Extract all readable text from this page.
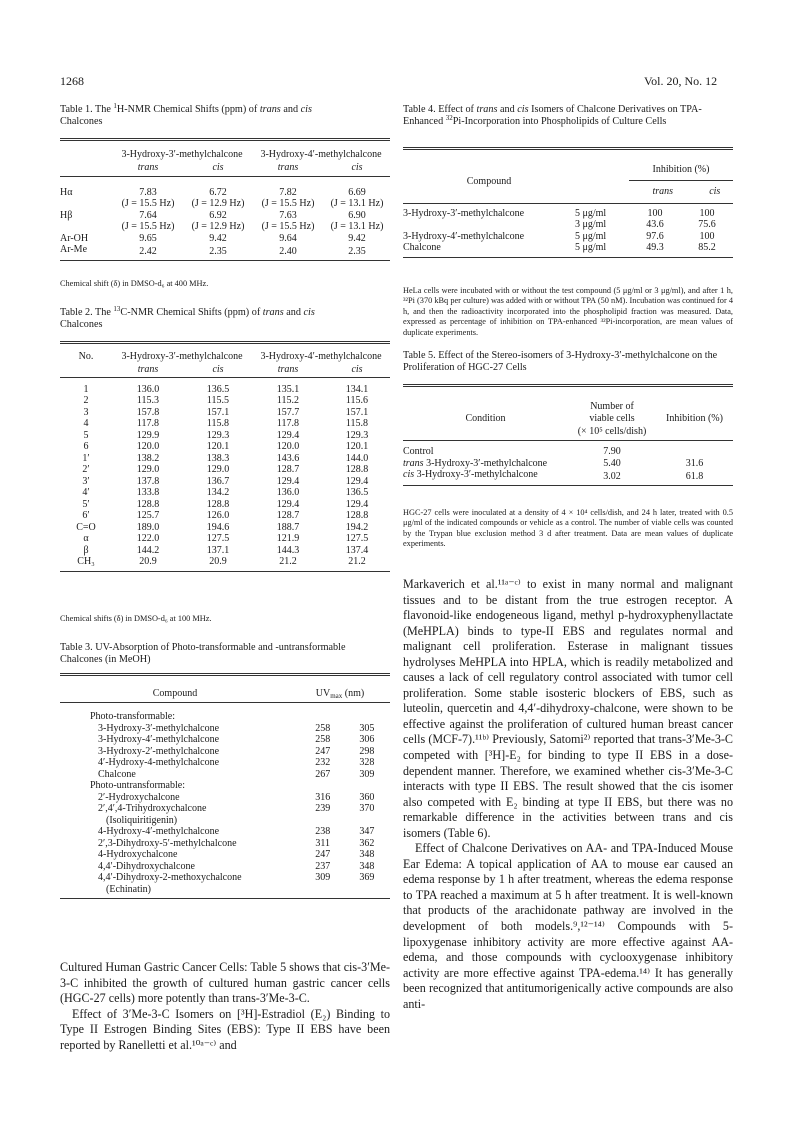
1268	Vol. 20, No. 12
Table 1. The $^1$H-NMR Chemical Shifts (ppm) of trans and cis
Chalcones

	3-Hydroxy-3′-methylchalcone		3-Hydroxy-4′-methylchalcone	
	trans	cis	trans	cis

Hα	7.83	6.72	7.82	6.69
	(J = 15.5 Hz)	(J = 12.9 Hz)	(J = 15.5 Hz)	(J = 13.1 Hz)
Hβ	7.64	6.92	7.63	6.90
	(J = 15.5 Hz)	(J = 12.9 Hz)	(J = 15.5 Hz)	(J = 13.1 Hz)
Ar-OH	9.65	9.42	9.64	9.42
Ar-Me	2.42	2.35	2.40	2.35
Chemical shift (δ) in DMSO-d₆ at 400 MHz.
Table 2. The $^{13}$C-NMR Chemical Shifts (ppm) of trans and cis
Chalcones

No.	3-Hydroxy-3′-methylchalcone		3-Hydroxy-4′-methylchalcone	
	trans	cis	trans	cis

1	136.0	136.5	135.1	134.1
2	115.3	115.5	115.2	115.6
3	157.8	157.1	157.7	157.1
4	117.8	115.8	117.8	115.8
5	129.9	129.3	129.4	129.3
6	120.0	120.1	120.0	120.1
1′	138.2	138.3	143.6	144.0
2′	129.0	129.0	128.7	128.8
3′	137.8	136.7	129.4	129.4
4′	133.8	134.2	136.0	136.5
5′	128.8	128.8	129.4	129.4
6′	125.7	126.0	128.7	128.8
C=O	189.0	194.6	188.7	194.2
α	122.0	127.5	121.9	127.5
β	144.2	137.1	144.3	137.4
CH₃	20.9	20.9	21.2	21.2
Chemical shifts (δ) in DMSO-d₆ at 100 MHz.
Table 3. UV-Absorption of Photo-transformable and -untransformable Chalcones (in MeOH)
Compound	$UV_{max}$ (nm)	

Photo-transformable:		
3-Hydroxy-3′-methylchalcone	258	305
3-Hydroxy-4′-methylchalcone	258	306
3-Hydroxy-2′-methylchalcone	247	298
4′-Hydroxy-4-methylchalcone	232	328
Chalcone	267	309
Photo-untransformable:		
2′-Hydroxychalcone	316	360
2′,4′,4-Trihydroxychalcone	239	370
(Isoliquiritigenin)		
4-Hydroxy-4′-methylchalcone	238	347
2′,3-Dihydroxy-5′-methylchalcone	311	362
4-Hydroxychalcone	247	348
4,4′-Dihydroxychalcone	237	348
4,4′-Dihydroxy-2-methoxychalcone	309	369
(Echinatin)		
Table 4. Effect of trans and cis Isomers of Chalcone Derivatives on TPA-Enhanced $^{32}$Pi-Incorporation into Phospholipids of Culture Cells

Compound		Inhibition (%)	
		trans	cis

3-Hydroxy-3′-methylchalcone	5 μg/ml	100	100
	3 μg/ml	43.6	75.6
3-Hydroxy-4′-methylchalcone	5 μg/ml	97.6	100
Chalcone	5 μg/ml	49.3	85.2
HeLa cells were incubated with or without the test compound (5 μg/ml or 3 μg/ml), and after 1 h, ³²Pi (370 kBq per culture) was added with or without TPA (50 nM). Incubation was continued for 4 h, and then the radioactivity incorporated into the phospholipid fraction was measured. Data, expressed as percentage of inhibition on TPA-enhanced ³²Pi-incorporation, are mean values of duplicate experiments.
Table 5. Effect of the Stereo-isomers of 3-Hydroxy-3′-methylchalcone on the Proliferation of HGC-27 Cells

	Number of	
Condition	viable cells	Inhibition (%)
	(× 10⁵ cells/dish)	

Control	7.90	
trans 3-Hydroxy-3′-methylchalcone	5.40	31.6
cis 3-Hydroxy-3′-methylchalcone	3.02	61.8
HGC-27 cells were inoculated at a density of 4 × 10⁴ cells/dish, and 24 h later, treated with 0.5 μg/ml of the indicated compounds or vehicle as a control. The number of viable cells was counted by the Trypan blue exclusion method 3 d after treatment. Data are mean values of duplicate experiments.

Cultured Human Gastric Cancer Cells: Table 5 shows that cis-3′Me-3-C inhibited the growth of cultured human gastric cancer cells (HGC-27 cells) more potently than trans-3′Me-3-C.

Effect of 3′Me-3-C Isomers on [³H]-Estradiol (E₂) Binding to Type II Estrogen Binding Sites (EBS): Type II EBS have been reported by Ranelletti et al.¹⁰ᵃ⁻ᶜ⁾ and

Markaverich et al.¹¹ᵃ⁻ᶜ⁾ to exist in many normal and malignant tissues and to be distant from the true estrogen receptor. A flavonoid-like endogeneous ligand, methyl p-hydroxyphenyllactate (MeHPLA) binds to type-II EBS and regulates normal and malignant cell proliferation. Esterase in malignant tissues hydrolyses MeHPLA into HPLA, which is readily metabolized and causes a lack of cell regulatory control associated with tumor cell proliferation. Some stable isosteric blockers of EBS, such as luteolin, quercetin and 4,4′-dihydroxy-chalcone, were shown to be effective against the proliferation of cultured human breast cancer cells (MCF-7).¹¹ᵇ⁾ Previously, Satomi²⁾ reported that trans-3′Me-3-C competed with [³H]-E₂ for binding to type II EBS in a dose-dependent manner. Therefore, we examined whether cis-3′Me-3-C interacts with type II EBS. The result showed that the cis isomer also competed with E₂ binding at type II EBS, but there was no remarkable difference in the activities between trans and cis isomers (Table 6).

Effect of Chalcone Derivatives on AA- and TPA-Induced Mouse Ear Edema: A topical application of AA to mouse ear caused an edema response by 1 h after treatment, whereas the edema response to TPA reached a maximum at 5 h after treatment. It is well-known that products of the arachidonate pathway are involved in the development of both models.⁹,¹²⁻¹⁴⁾ Compounds with 5-lipoxygenase inhibitory activity are more effective against AA-edema, and those compounds with cyclooxygenase inhibitory activity are more effective against TPA-edema.¹⁴⁾ It has generally been recognized that antitumorigenically active compounds are also anti-
